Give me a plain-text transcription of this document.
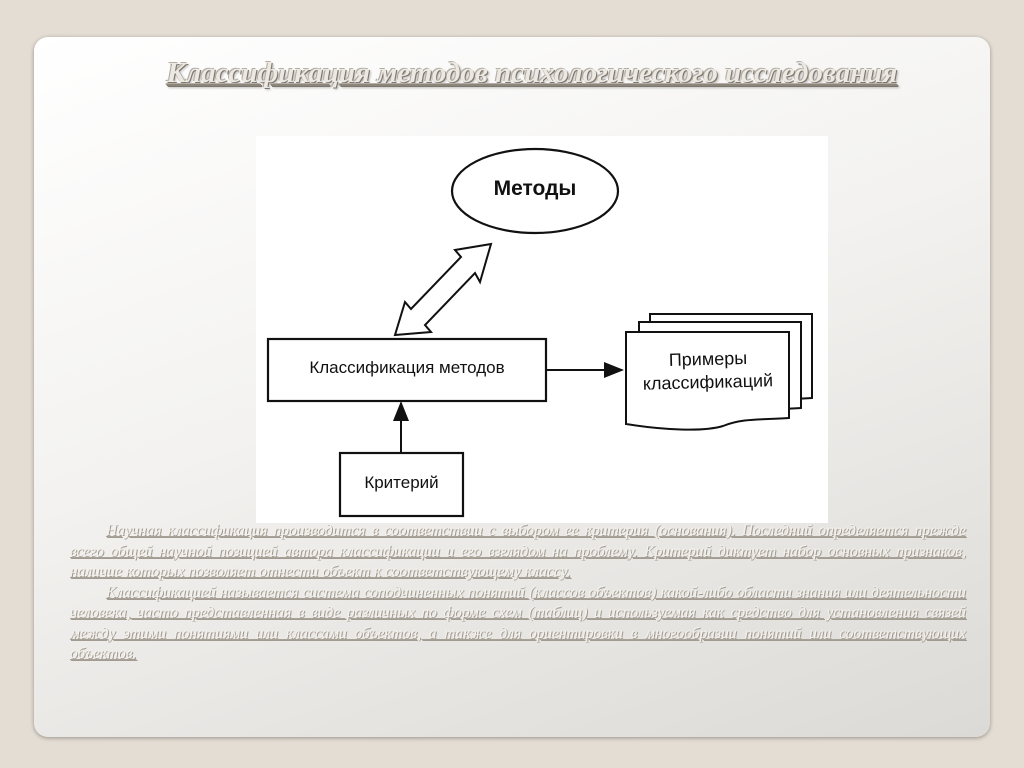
Классификация методов психологического исследования
Методы
Классификация методов	Примеры
классификаций
Критерий

Научная классификация производится в соответствии с выбором ее критерия (основания). Последний определяется прежде всего общей научной позицией автора классификации и его взглядом на проблему. Критерий диктует набор основных признаков, наличие которых позволяет отнести объект к соответствующему классу.

Классификацией называется система соподчиненных понятий (классов объектов) какой-либо области знания или деятельности человека, часто представленная в виде различных по форме схем (таблиц) и используемая как средство для установления связей между этими понятиями или классами объектов, а также для ориентировки в многообразии понятий или соответствующих объектов.
